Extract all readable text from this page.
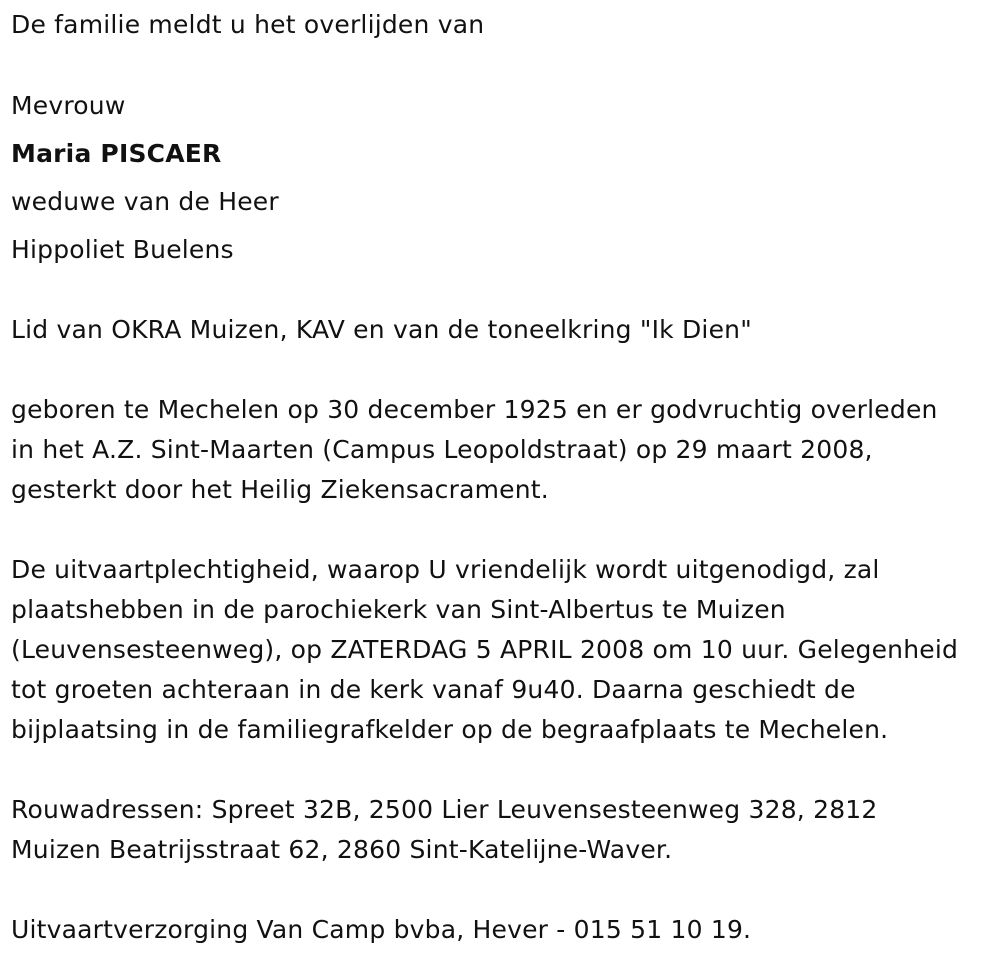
De familie meldt u het overlijden van
Mevrouw
Maria PISCAER
weduwe van de Heer
Hippoliet Buelens
Lid van OKRA Muizen, KAV en van de toneelkring "Ik Dien"
geboren te Mechelen op 30 december 1925 en er godvruchtig overleden
in het A.Z. Sint-Maarten (Campus Leopoldstraat) op 29 maart 2008,
gesterkt door het Heilig Ziekensacrament.
De uitvaartplechtigheid, waarop U vriendelijk wordt uitgenodigd, zal
plaatshebben in de parochiekerk van Sint-Albertus te Muizen
(Leuvensesteenweg), op ZATERDAG 5 APRIL 2008 om 10 uur. Gelegenheid
tot groeten achteraan in de kerk vanaf 9u40. Daarna geschiedt de
bijplaatsing in de familiegrafkelder op de begraafplaats te Mechelen.
Rouwadressen: Spreet 32B, 2500 Lier Leuvensesteenweg 328, 2812
Muizen Beatrijsstraat 62, 2860 Sint-Katelijne-Waver.
Uitvaartverzorging Van Camp bvba, Hever - 015 51 10 19.
